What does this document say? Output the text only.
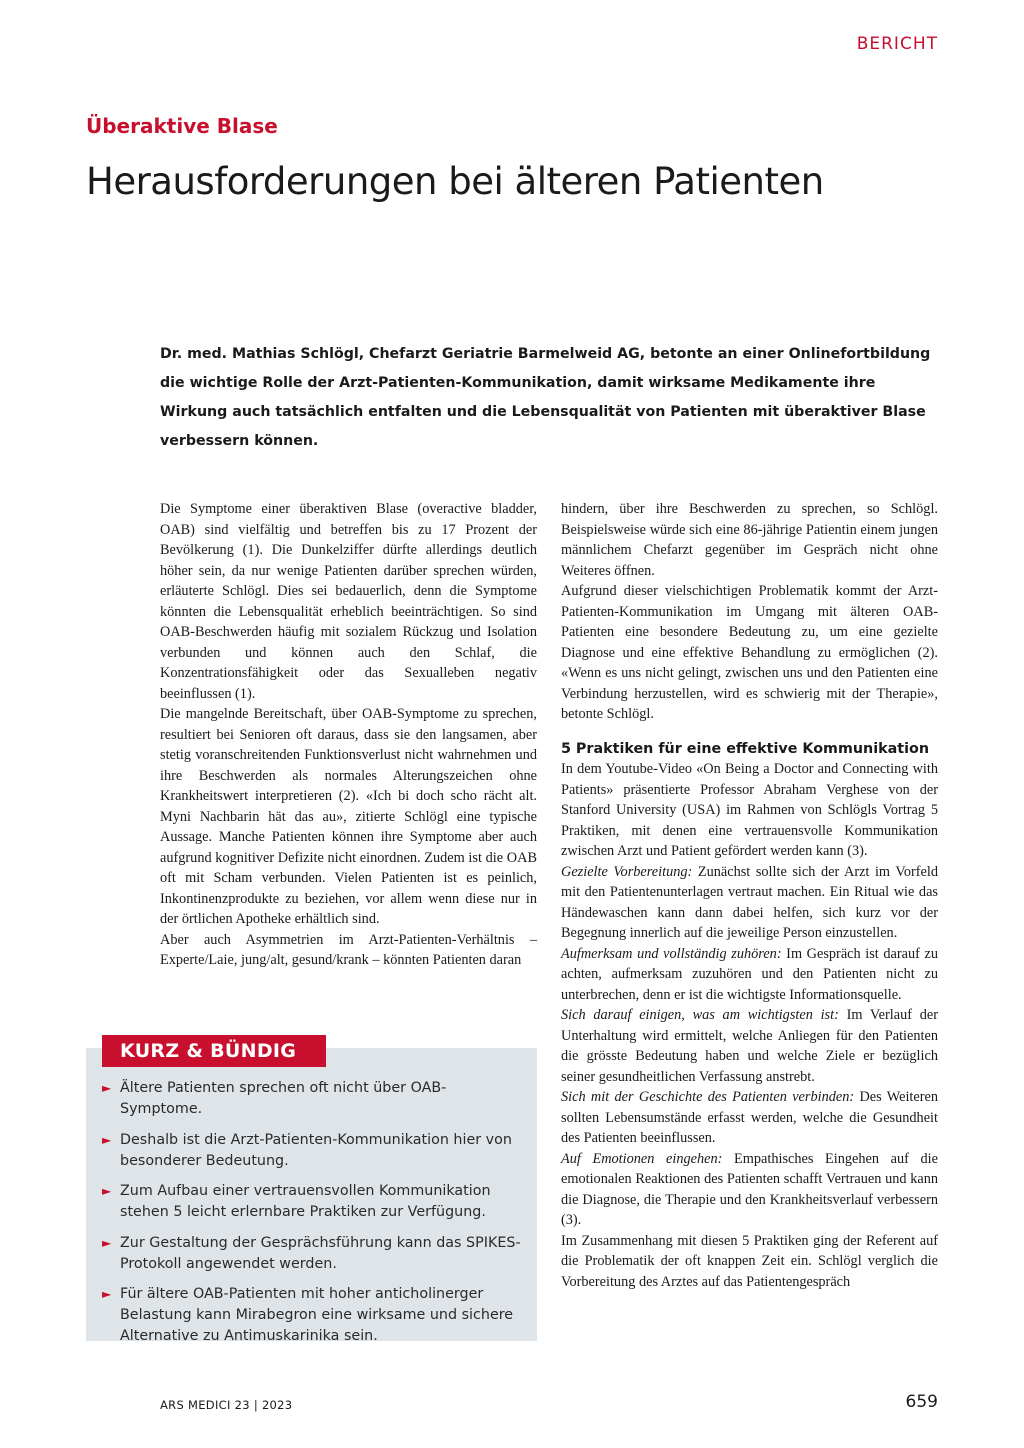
BERICHT
Überaktive Blase
Herausforderungen bei älteren Patienten

Dr. med. Mathias Schlögl, Chefarzt Geriatrie Barmelweid AG, betonte an einer Onlinefortbildung die wichtige Rolle der Arzt-Patienten-Kommunikation, damit wirksame Medikamente ihre Wirkung auch tatsächlich entfalten und die Lebensqualität von Patienten mit überaktiver Blase verbessern können.

Die Symptome einer überaktiven Blase (overactive bladder, OAB) sind vielfältig und betreffen bis zu 17 Prozent der Bevölkerung (1). Die Dunkelziffer dürfte allerdings deutlich höher sein, da nur wenige Patienten darüber sprechen würden, erläuterte Schlögl. Dies sei bedauerlich, denn die Symptome könnten die Lebensqualität erheblich beeinträchtigen. So sind OAB-Beschwerden häufig mit sozialem Rückzug und Isolation verbunden und können auch den Schlaf, die Konzentrationsfähigkeit oder das Sexualleben negativ beeinflussen (1).

Die mangelnde Bereitschaft, über OAB-Symptome zu sprechen, resultiert bei Senioren oft daraus, dass sie den langsamen, aber stetig voranschreitenden Funktionsverlust nicht wahrnehmen und ihre Beschwerden als normales Alterungszeichen ohne Krankheitswert interpretieren (2). «Ich bi doch scho rächt alt. Myni Nachbarin hät das au», zitierte Schlögl eine typische Aussage. Manche Patienten können ihre Symptome aber auch aufgrund kognitiver Defizite nicht einordnen. Zudem ist die OAB oft mit Scham verbunden. Vielen Patienten ist es peinlich, Inkontinenzprodukte zu beziehen, vor allem wenn diese nur in der örtlichen Apotheke erhältlich sind.

Aber auch Asymmetrien im Arzt-Patienten-Verhältnis – Experte/Laie, jung/alt, gesund/krank – könnten Patienten daran

hindern, über ihre Beschwerden zu sprechen, so Schlögl. Beispielsweise würde sich eine 86-jährige Patientin einem jungen männlichem Chefarzt gegenüber im Gespräch nicht ohne Weiteres öffnen.

Aufgrund dieser vielschichtigen Problematik kommt der Arzt-Patienten-Kommunikation im Umgang mit älteren OAB-Patienten eine besondere Bedeutung zu, um eine gezielte Diagnose und eine effektive Behandlung zu ermöglichen (2). «Wenn es uns nicht gelingt, zwischen uns und den Patienten eine Verbindung herzustellen, wird es schwierig mit der Therapie», betonte Schlögl.

5 Praktiken für eine effektive Kommunikation

In dem Youtube-Video «On Being a Doctor and Connecting with Patients» präsentierte Professor Abraham Verghese von der Stanford University (USA) im Rahmen von Schlögls Vortrag 5 Praktiken, mit denen eine vertrauensvolle Kommunikation zwischen Arzt und Patient gefördert werden kann (3).

Gezielte Vorbereitung: Zunächst sollte sich der Arzt im Vorfeld mit den Patientenunterlagen vertraut machen. Ein Ritual wie das Händewaschen kann dann dabei helfen, sich kurz vor der Begegnung innerlich auf die jeweilige Person einzustellen.

Aufmerksam und vollständig zuhören: Im Gespräch ist darauf zu achten, aufmerksam zuzuhören und den Patienten nicht zu unterbrechen, denn er ist die wichtigste Informationsquelle.

Sich darauf einigen, was am wichtigsten ist: Im Verlauf der Unterhaltung wird ermittelt, welche Anliegen für den Patienten die grösste Bedeutung haben und welche Ziele er bezüglich seiner gesundheitlichen Verfassung anstrebt.

Sich mit der Geschichte des Patienten verbinden: Des Weiteren sollten Lebensumstände erfasst werden, welche die Gesundheit des Patienten beeinflussen.

Auf Emotionen eingehen: Empathisches Eingehen auf die emotionalen Reaktionen des Patienten schafft Vertrauen und kann die Diagnose, die Therapie und den Krankheitsverlauf verbessern (3).

Im Zusammenhang mit diesen 5 Praktiken ging der Referent auf die Problematik der oft knappen Zeit ein. Schlögl verglich die Vorbereitung des Arztes auf das Patientengespräch

KURZ & BÜNDIG
► Ältere Patienten sprechen oft nicht über OAB-Symptome.
► Deshalb ist die Arzt-Patienten-Kommunikation hier von besonderer Bedeutung.
► Zum Aufbau einer vertrauensvollen Kommunikation stehen 5 leicht erlernbare Praktiken zur Verfügung.
► Zur Gestaltung der Gesprächsführung kann das SPIKES-Protokoll angewendet werden.
► Für ältere OAB-Patienten mit hoher anticholinerger Belastung kann Mirabegron eine wirksame und sichere Alternative zu Antimuskarinika sein.
ARS MEDICI 23 | 2023	659
